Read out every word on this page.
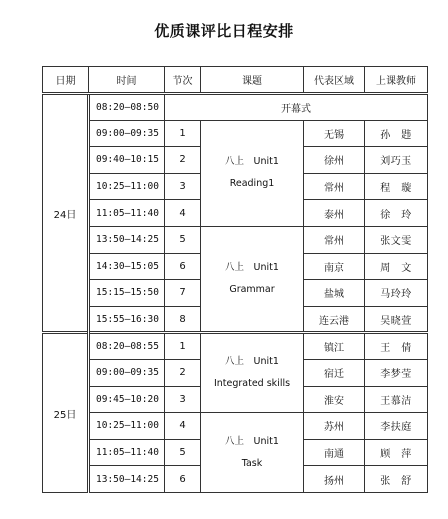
优质课评比日程安排
日期	时间	节次	课题	代表区域	上课教师
24日	08:20–08:50	开幕式			
	09:00–09:35	1	八上　Unit1
Reading1	无锡	孙　韪
	09:40–10:15	2		徐州	刘巧玉
	10:25–11:00	3		常州	程　璇
	11:05–11:40	4		泰州	徐　玲
	13:50–14:25	5	八上　Unit1
Grammar	常州	张文雯
	14:30–15:05	6		南京	周　文
	15:15–15:50	7		盐城	马玲玲
	15:55–16:30	8		连云港	吴晓萱
25日	08:20–08:55	1	八上　Unit1
Integrated skills	镇江	王　倩
	09:00–09:35	2		宿迁	李梦莹
	09:45–10:20	3		淮安	王慕洁
	10:25–11:00	4	八上　Unit1
Task	苏州	李扶庭
	11:05–11:40	5		南通	顾　萍
	13:50–14:25	6		扬州	张　舒
